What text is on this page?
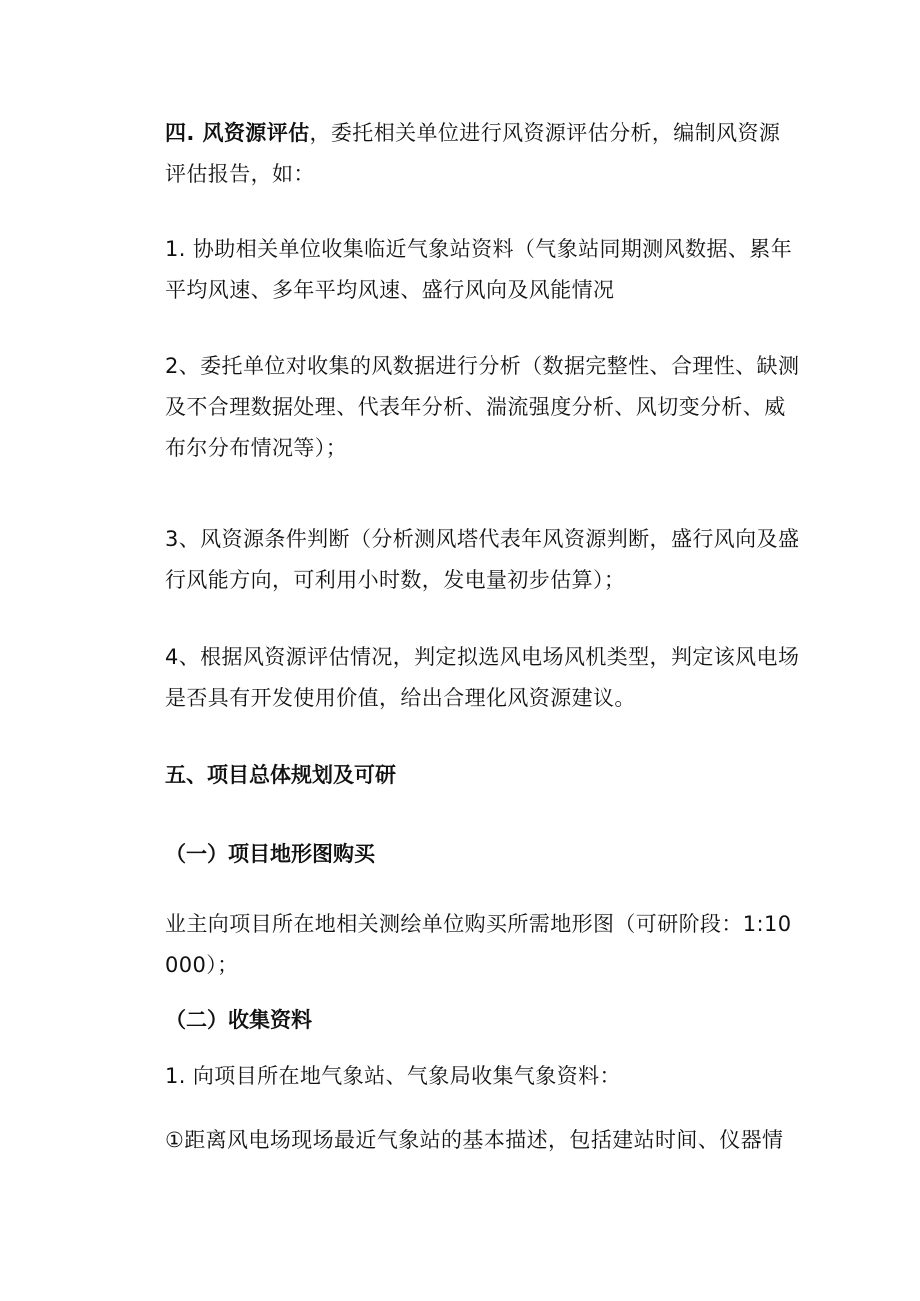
四. 风资源评估，委托相关单位进行风资源评估分析，编制风资源评估报告，如：

1. 协助相关单位收集临近气象站资料（气象站同期测风数据、累年平均风速、多年平均风速、盛行风向及风能情况

2、委托单位对收集的风数据进行分析（数据完整性、合理性、缺测及不合理数据处理、代表年分析、湍流强度分析、风切变分析、威布尔分布情况等）；

3、风资源条件判断（分析测风塔代表年风资源判断，盛行风向及盛行风能方向，可利用小时数，发电量初步估算）；

4、根据风资源评估情况，判定拟选风电场风机类型，判定该风电场是否具有开发使用价值，给出合理化风资源建议。

五、项目总体规划及可研

（一）项目地形图购买

业主向项目所在地相关测绘单位购买所需地形图（可研阶段：1:10000）；

（二）收集资料

1. 向项目所在地气象站、气象局收集气象资料：

①距离风电场现场最近气象站的基本描述，包括建站时间、仪器情
